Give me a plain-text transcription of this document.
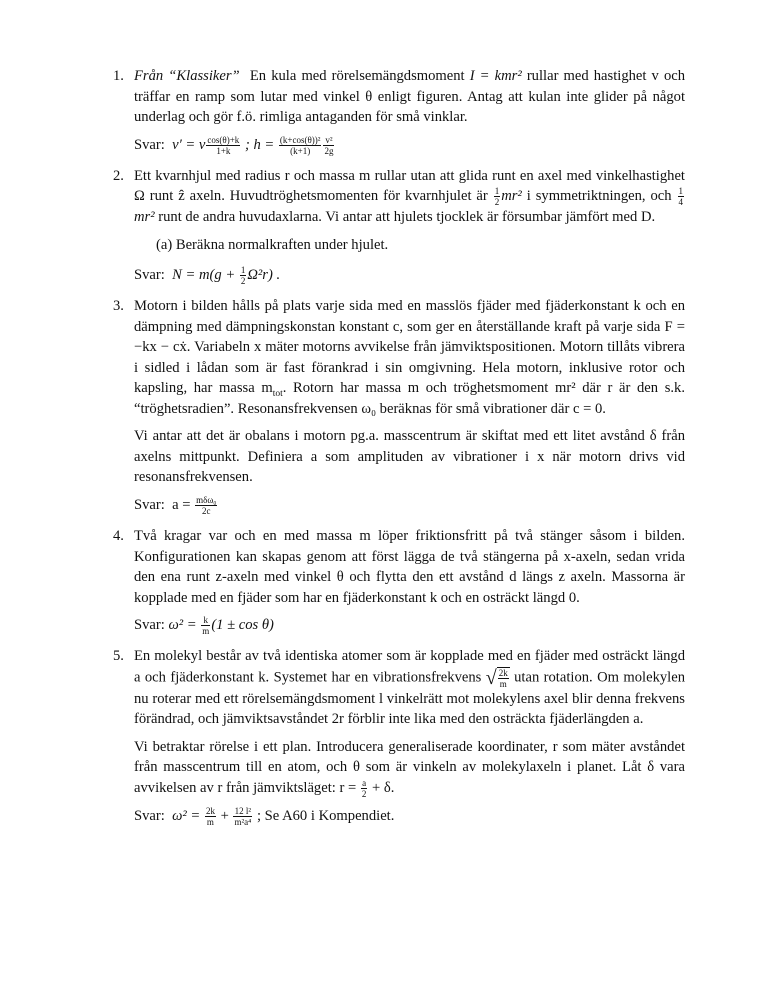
1. Från “Klassiker” En kula med rörelsemängdsmoment I = kmr² rullar med hastighet v och träffar en ramp som lutar med vinkel θ enligt figuren. Antag att kulan inte glider på något underlag och gör f.ö. rimliga antaganden för små vinklar.

Svar: v′ = v $\frac{\cos(\theta)+k}{1+k}$ ; $h = \frac{\text{(k+cos(θ))²}}{(k+1)} \frac{\text{v²}}{2g}$
2. Ett kvarnhjul med radius r och massa m rullar utan att glida runt en axel med vinkelhastighet Ω runt ẑ axeln. Huvudtröghetsmomenten för kvarnhjulet är $\frac{1}{2} mr^2$ i symmetriktningen, och $\frac{1}{4}$
mr² runt de andra huvudaxlarna. Vi antar att hjulets tjocklek är försumbar jämfört med D.

(a) Beräkna normalkraften under hjulet.

Svar: $N = m(g + \frac{1}{2} \Omega^2r)$ .
3. Motorn i bilden hålls på plats varje sida med en masslös fjäder med fjäderkonstant k och en dämpning med dämpningskonstan konstant c, som ger en återställande kraft på varje sida F = −kx − cẋ. Variabeln x mäter motorns avvikelse från jämviktspositionen. Motorn tillåts vibrera i sidled i lådan som är fast förankrad i sin omgivning. Hela motorn, inklusive rotor och kapsling, har massa $m_{tot}$. Rotorn har massa m och tröghetsmoment mr² där r är den s.k. “tröghetsradien”. Resonansfrekvensen ω₀ beräknas för små vibrationer där c = 0.

Vi antar att det är obalans i motorn pg.a. masscentrum är skiftat med ett litet avstånd δ från axelns mittpunkt. Definiera a som amplituden av vibrationer i x när motorn drivs vid resonansfrekvensen.

Svar: $a = \frac{\text{mδω₀}}{2c}$
4. Två kragar var och en med massa m löper friktionsfritt på två stänger såsom i bilden. Konfigurationen kan skapas genom att först lägga de två stängerna på x-axeln, sedan vrida den ena runt z-axeln med vinkel θ och flytta den ett avstånd d längs z axeln. Massorna är kopplade med en fjäder som har en fjäderkonstant k och en osträckt längd 0.

Svar: $\omega^2 = \frac{k}{m} (1 \pm \cos \theta)$
5. En molekyl består av två identiska atomer som är kopplade med en fjäder med osträckt längd a och fjäderkonstant k. Systemet har en vibrationsfrekvens √ $\frac{2k}{m}$ utan rotation. Om molekylen nu roterar med ett rörelsemängdsmoment l vinkelrätt mot molekylens axel blir denna frekvens förändrad, och jämviktsavståndet 2r förblir inte lika med den osträckta fjäderlängden a.

Vi betraktar rörelse i ett plan. Introducera generaliserade koordinater, r som mäter avståndet från masscentrum till en atom, och θ som är vinkeln av molekylaxeln i planet. Låt δ vara avvikelsen av r från jämviktsläget: $r = \frac{a}{2} + \delta$.

Svar: $\omega^2 = \frac{2k}{m} + \frac{\text{12 l²}}{\text{m²a⁴}}$ ; Se A60 i Kompendiet.
